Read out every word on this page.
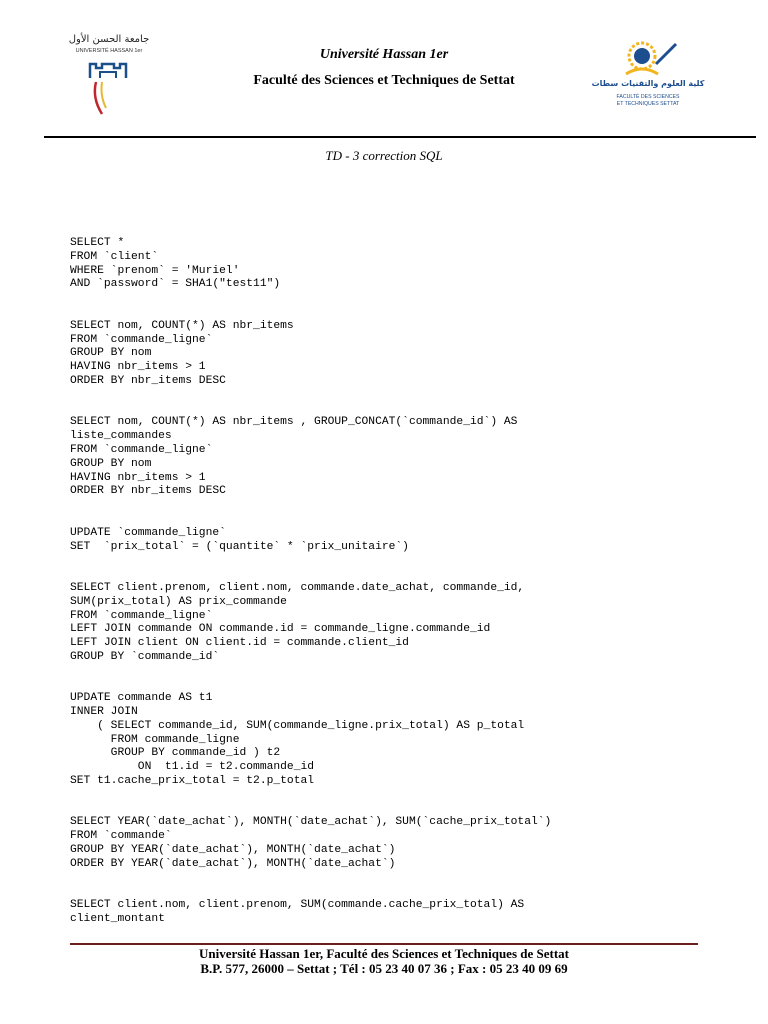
جامعة الحسن الأول
UNIVERSITÉ HASSAN 1er	Université Hassan 1er
Faculté des Sciences et Techniques de Settat	كلية العلوم والتقنيات سطات
FACULTÉ DES SCIENCES
ET TECHNIQUES SETTAT
TD - 3 correction SQL
SELECT *
FROM `client`
WHERE `prenom` = 'Muriel'
AND `password` = SHA1("test11")
SELECT nom, COUNT(*) AS nbr_items
FROM `commande_ligne`
GROUP BY nom
HAVING nbr_items > 1
ORDER BY nbr_items DESC
SELECT nom, COUNT(*) AS nbr_items , GROUP_CONCAT(`commande_id`) AS
liste_commandes
FROM `commande_ligne`
GROUP BY nom
HAVING nbr_items > 1
ORDER BY nbr_items DESC
UPDATE `commande_ligne`
SET  `prix_total` = (`quantite` * `prix_unitaire`)
SELECT client.prenom, client.nom, commande.date_achat, commande_id,
SUM(prix_total) AS prix_commande
FROM `commande_ligne`
LEFT JOIN commande ON commande.id = commande_ligne.commande_id
LEFT JOIN client ON client.id = commande.client_id
GROUP BY `commande_id`
UPDATE commande AS t1
INNER JOIN
( SELECT commande_id, SUM(commande_ligne.prix_total) AS p_total
FROM commande_ligne
GROUP BY commande_id ) t2
ON  t1.id = t2.commande_id
SET t1.cache_prix_total = t2.p_total
SELECT YEAR(`date_achat`), MONTH(`date_achat`), SUM(`cache_prix_total`)
FROM `commande`
GROUP BY YEAR(`date_achat`), MONTH(`date_achat`)
ORDER BY YEAR(`date_achat`), MONTH(`date_achat`)
SELECT client.nom, client.prenom, SUM(commande.cache_prix_total) AS
client_montant
Université Hassan 1er, Faculté des Sciences et Techniques de Settat
B.P. 577, 26000 – Settat ; Tél : 05 23 40 07 36 ; Fax : 05 23 40 09 69
